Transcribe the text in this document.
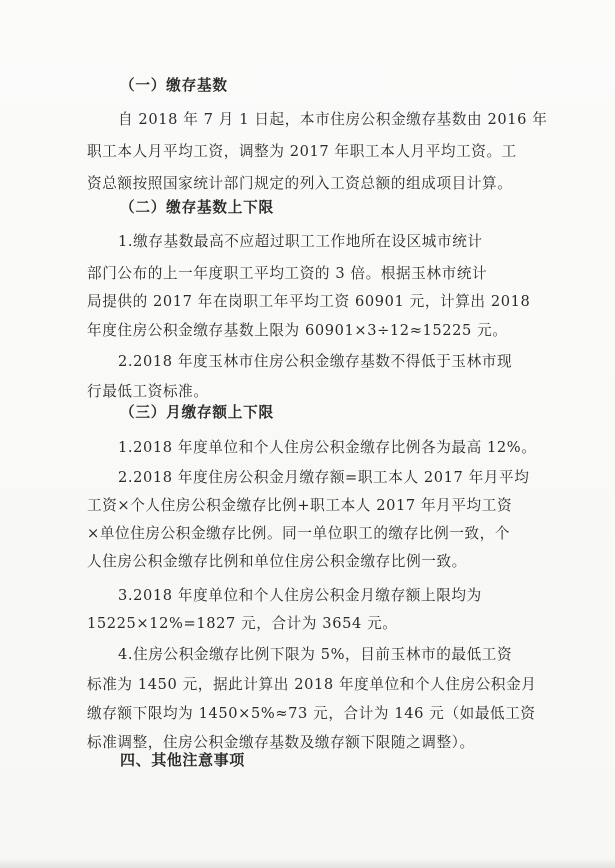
（一）缴存基数
自 2018 年 7 月 1 日起，本市住房公积金缴存基数由 2016 年
职工本人月平均工资，调整为 2017 年职工本人月平均工资。工
资总额按照国家统计部门规定的列入工资总额的组成项目计算。
（二）缴存基数上下限
1.缴存基数最高不应超过职工工作地所在设区城市统计
部门公布的上一年度职工平均工资的 3 倍。根据玉林市统计
局提供的 2017 年在岗职工年平均工资 60901 元，计算出 2018
年度住房公积金缴存基数上限为 60901×3÷12≈15225 元。
2.2018 年度玉林市住房公积金缴存基数不得低于玉林市现
行最低工资标准。
（三）月缴存额上下限
1.2018 年度单位和个人住房公积金缴存比例各为最高 12%。
2.2018 年度住房公积金月缴存额=职工本人 2017 年月平均
工资×个人住房公积金缴存比例+职工本人 2017 年月平均工资
×单位住房公积金缴存比例。同一单位职工的缴存比例一致，个
人住房公积金缴存比例和单位住房公积金缴存比例一致。
3.2018 年度单位和个人住房公积金月缴存额上限均为
15225×12%=1827 元，合计为 3654 元。
4.住房公积金缴存比例下限为 5%，目前玉林市的最低工资
标准为 1450 元，据此计算出 2018 年度单位和个人住房公积金月
缴存额下限均为 1450×5%≈73 元，合计为 146 元（如最低工资
标准调整，住房公积金缴存基数及缴存额下限随之调整）。
四、其他注意事项
